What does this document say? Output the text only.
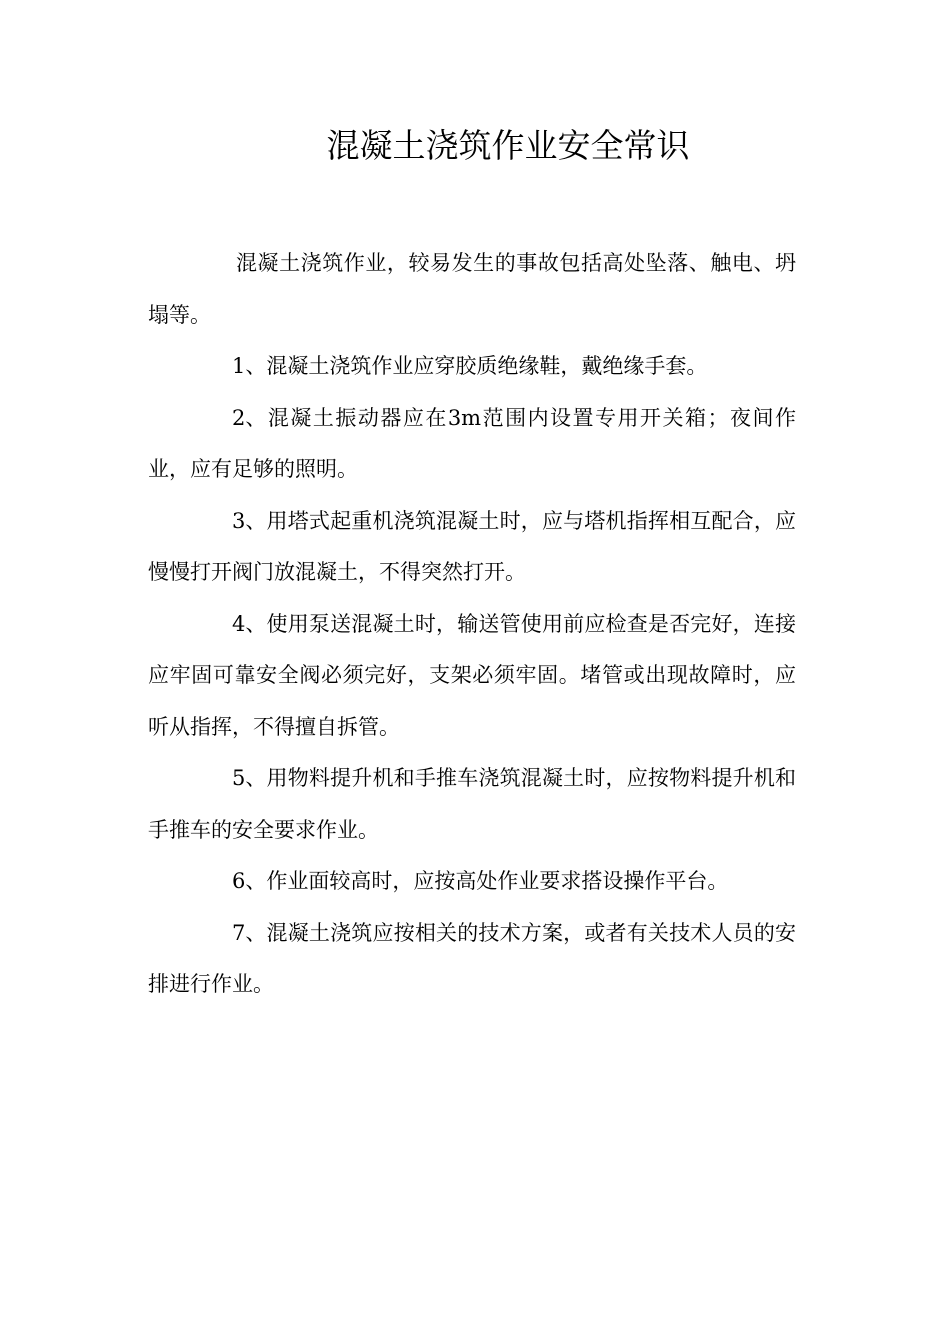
混凝土浇筑作业安全常识

混凝土浇筑作业，较易发生的事故包括高处坠落、触电、坍塌等。

1、混凝土浇筑作业应穿胶质绝缘鞋，戴绝缘手套。

2、混凝土振动器应在3m范围内设置专用开关箱；夜间作业，应有足够的照明。

3、用塔式起重机浇筑混凝土时，应与塔机指挥相互配合，应慢慢打开阀门放混凝土，不得突然打开。

4、使用泵送混凝土时，输送管使用前应检查是否完好，连接应牢固可靠安全阀必须完好，支架必须牢固。堵管或出现故障时，应听从指挥，不得擅自拆管。

5、用物料提升机和手推车浇筑混凝土时，应按物料提升机和手推车的安全要求作业。

6、作业面较高时，应按高处作业要求搭设操作平台。

7、混凝土浇筑应按相关的技术方案，或者有关技术人员的安排进行作业。
